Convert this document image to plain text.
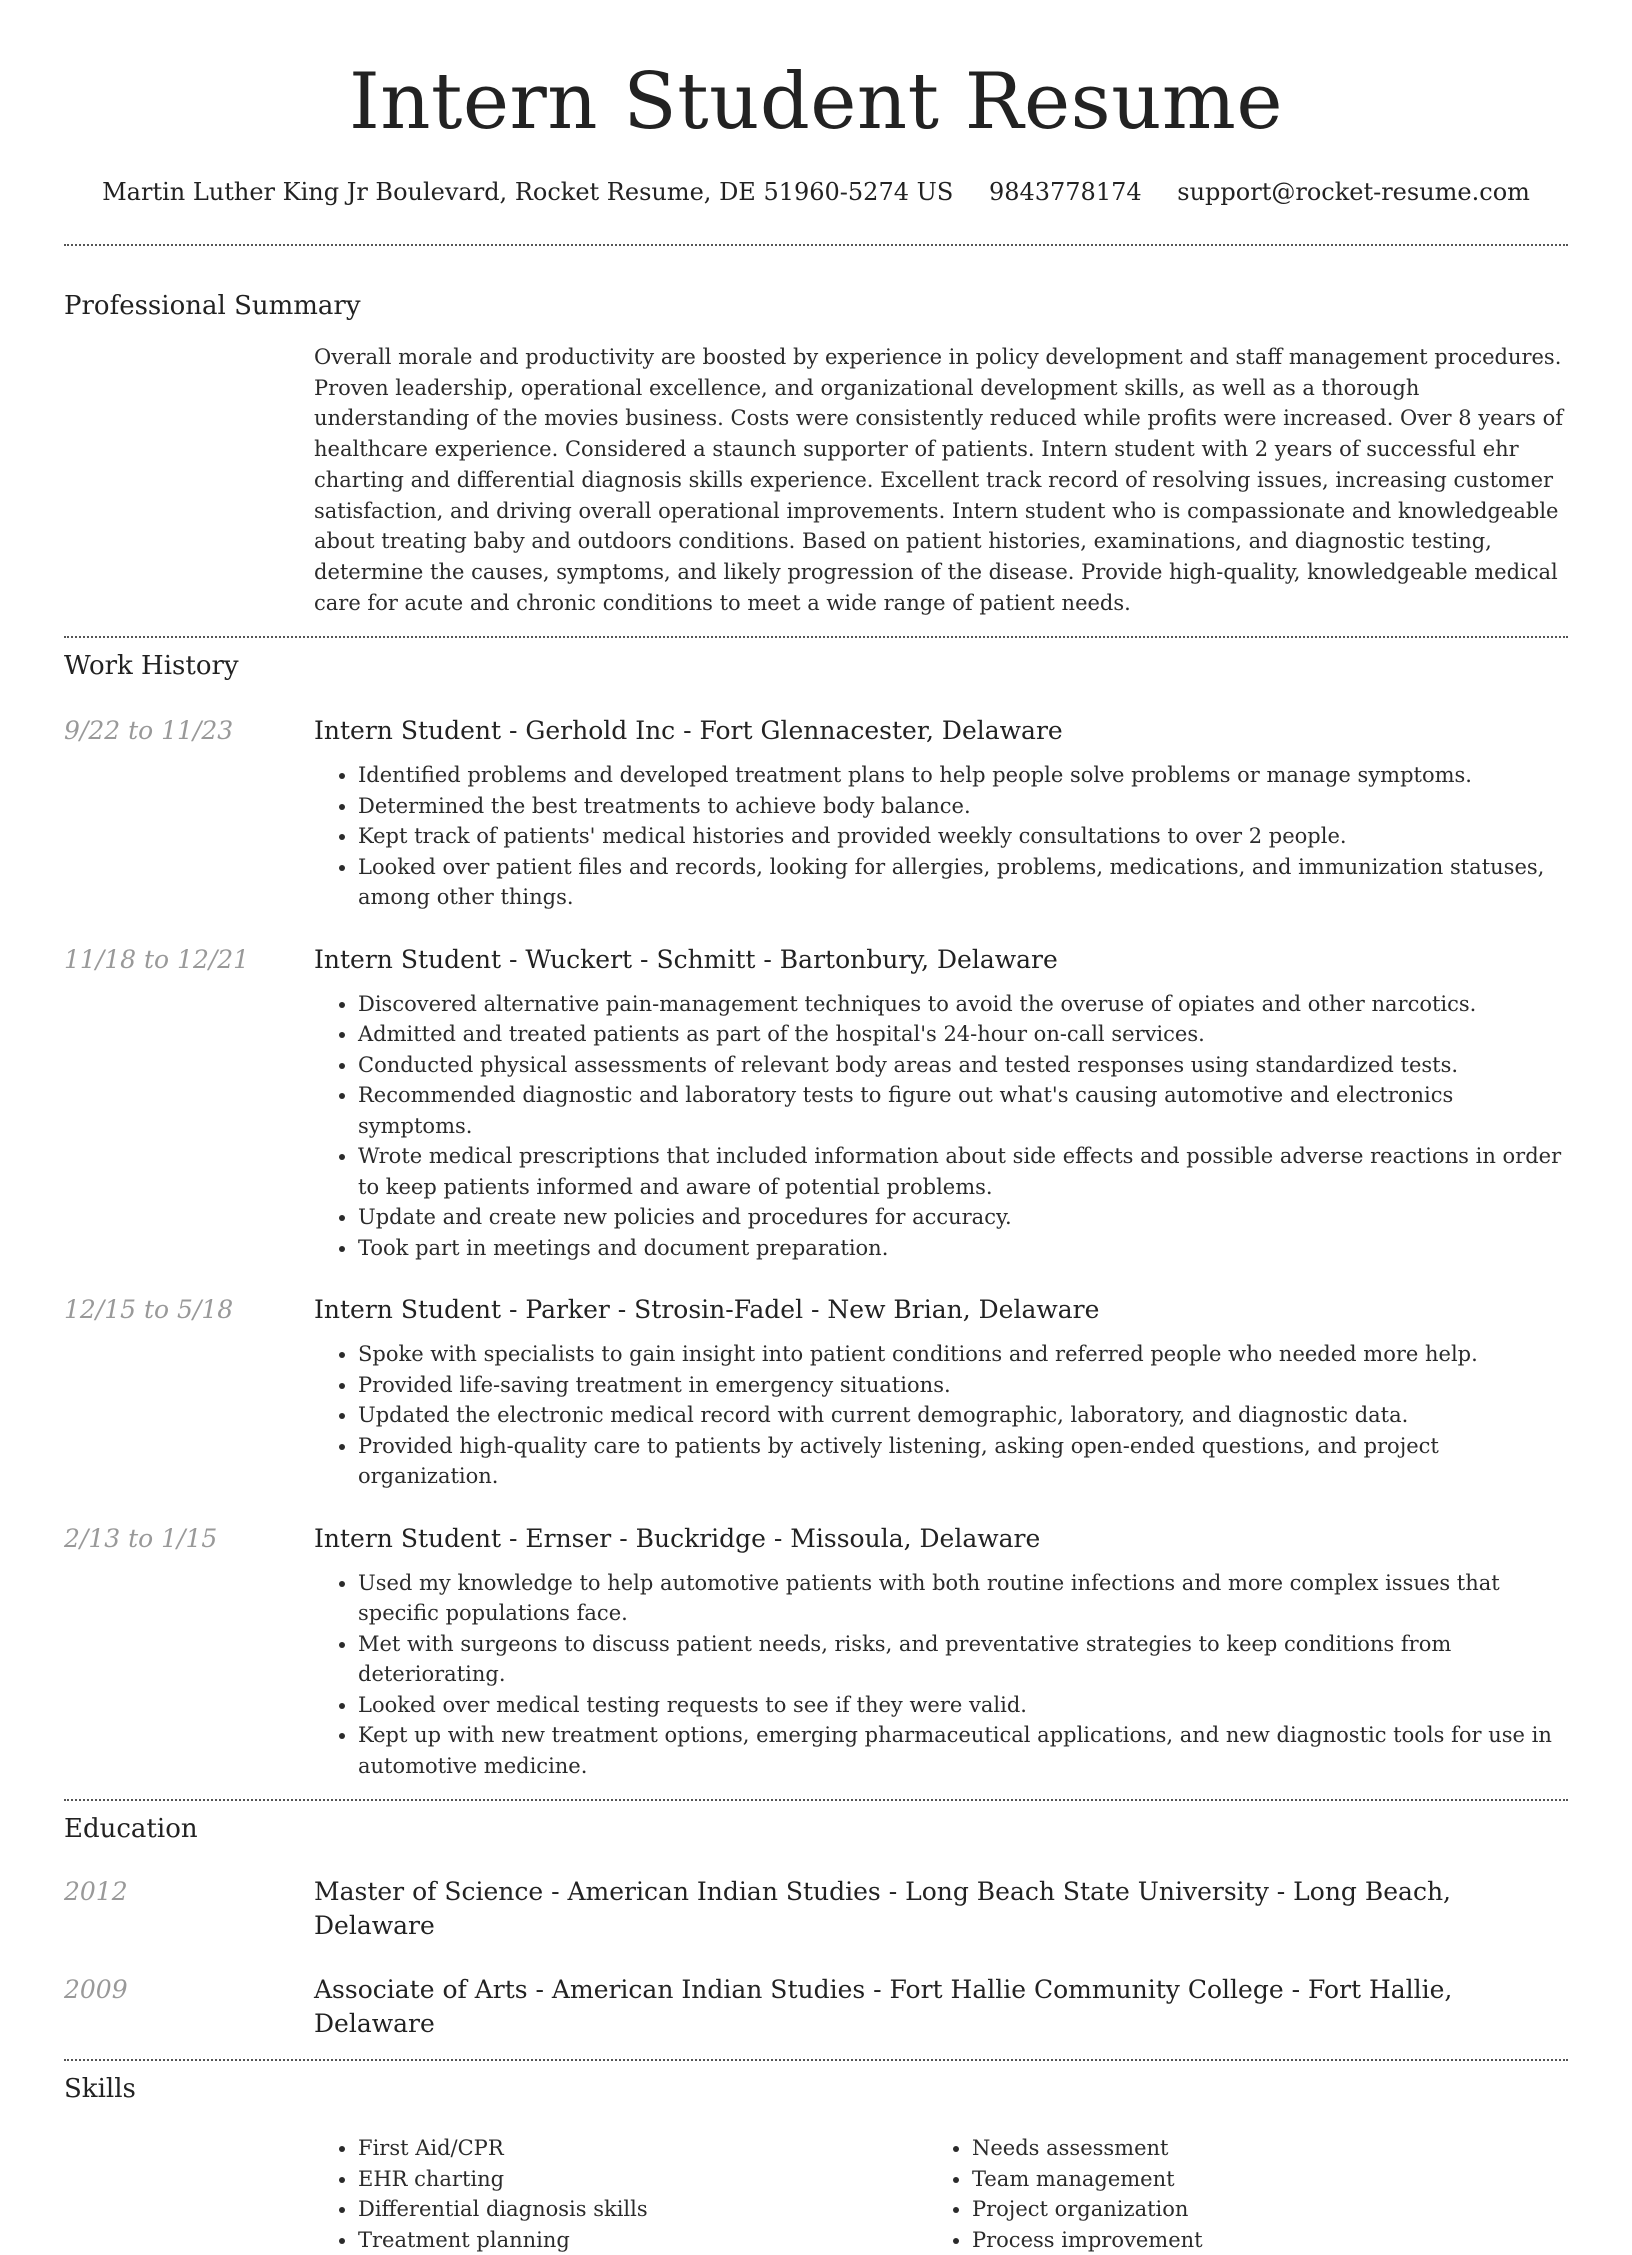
Intern Student Resume
Martin Luther King Jr Boulevard, Rocket Resume, DE 51960-5274 US 9843778174 support@rocket-resume.com
Professional Summary

Overall morale and productivity are boosted by experience in policy development and staff management procedures. Proven leadership, operational excellence, and organizational development skills, as well as a thorough understanding of the movies business. Costs were consistently reduced while profits were increased. Over 8 years of healthcare experience. Considered a staunch supporter of patients. Intern student with 2 years of successful ehr charting and differential diagnosis skills experience. Excellent track record of resolving issues, increasing customer satisfaction, and driving overall operational improvements. Intern student who is compassionate and knowledgeable about treating baby and outdoors conditions. Based on patient histories, examinations, and diagnostic testing, determine the causes, symptoms, and likely progression of the disease. Provide high-quality, knowledgeable medical care for acute and chronic conditions to meet a wide range of patient needs.

Work History
9/22 to 11/23	Intern Student - Gerhold Inc - Fort Glennacester, Delaware
• Identified problems and developed treatment plans to help people solve problems or manage symptoms.
• Determined the best treatments to achieve body balance.
• Kept track of patients' medical histories and provided weekly consultations to over 2 people.
• Looked over patient files and records, looking for allergies, problems, medications, and immunization statuses, among other things.
11/18 to 12/21	Intern Student - Wuckert - Schmitt - Bartonbury, Delaware
• Discovered alternative pain-management techniques to avoid the overuse of opiates and other narcotics.
• Admitted and treated patients as part of the hospital's 24-hour on-call services.
• Conducted physical assessments of relevant body areas and tested responses using standardized tests.
• Recommended diagnostic and laboratory tests to figure out what's causing automotive and electronics symptoms.
• Wrote medical prescriptions that included information about side effects and possible adverse reactions in order to keep patients informed and aware of potential problems.
• Update and create new policies and procedures for accuracy.
• Took part in meetings and document preparation.
12/15 to 5/18	Intern Student - Parker - Strosin-Fadel - New Brian, Delaware
• Spoke with specialists to gain insight into patient conditions and referred people who needed more help.
• Provided life-saving treatment in emergency situations.
• Updated the electronic medical record with current demographic, laboratory, and diagnostic data.
• Provided high-quality care to patients by actively listening, asking open-ended questions, and project organization.
2/13 to 1/15	Intern Student - Ernser - Buckridge - Missoula, Delaware
• Used my knowledge to help automotive patients with both routine infections and more complex issues that specific populations face.
• Met with surgeons to discuss patient needs, risks, and preventative strategies to keep conditions from deteriorating.
• Looked over medical testing requests to see if they were valid.
• Kept up with new treatment options, emerging pharmaceutical applications, and new diagnostic tools for use in automotive medicine.
Education
2012	Master of Science - American Indian Studies - Long Beach State University - Long Beach, Delaware
2009	Associate of Arts - American Indian Studies - Fort Hallie Community College - Fort Hallie, Delaware
Skills
• First Aid/CPR
• EHR charting
• Differential diagnosis skills
• Treatment planning
• Needs assessment
• Team management
• Project organization
• Process improvement
